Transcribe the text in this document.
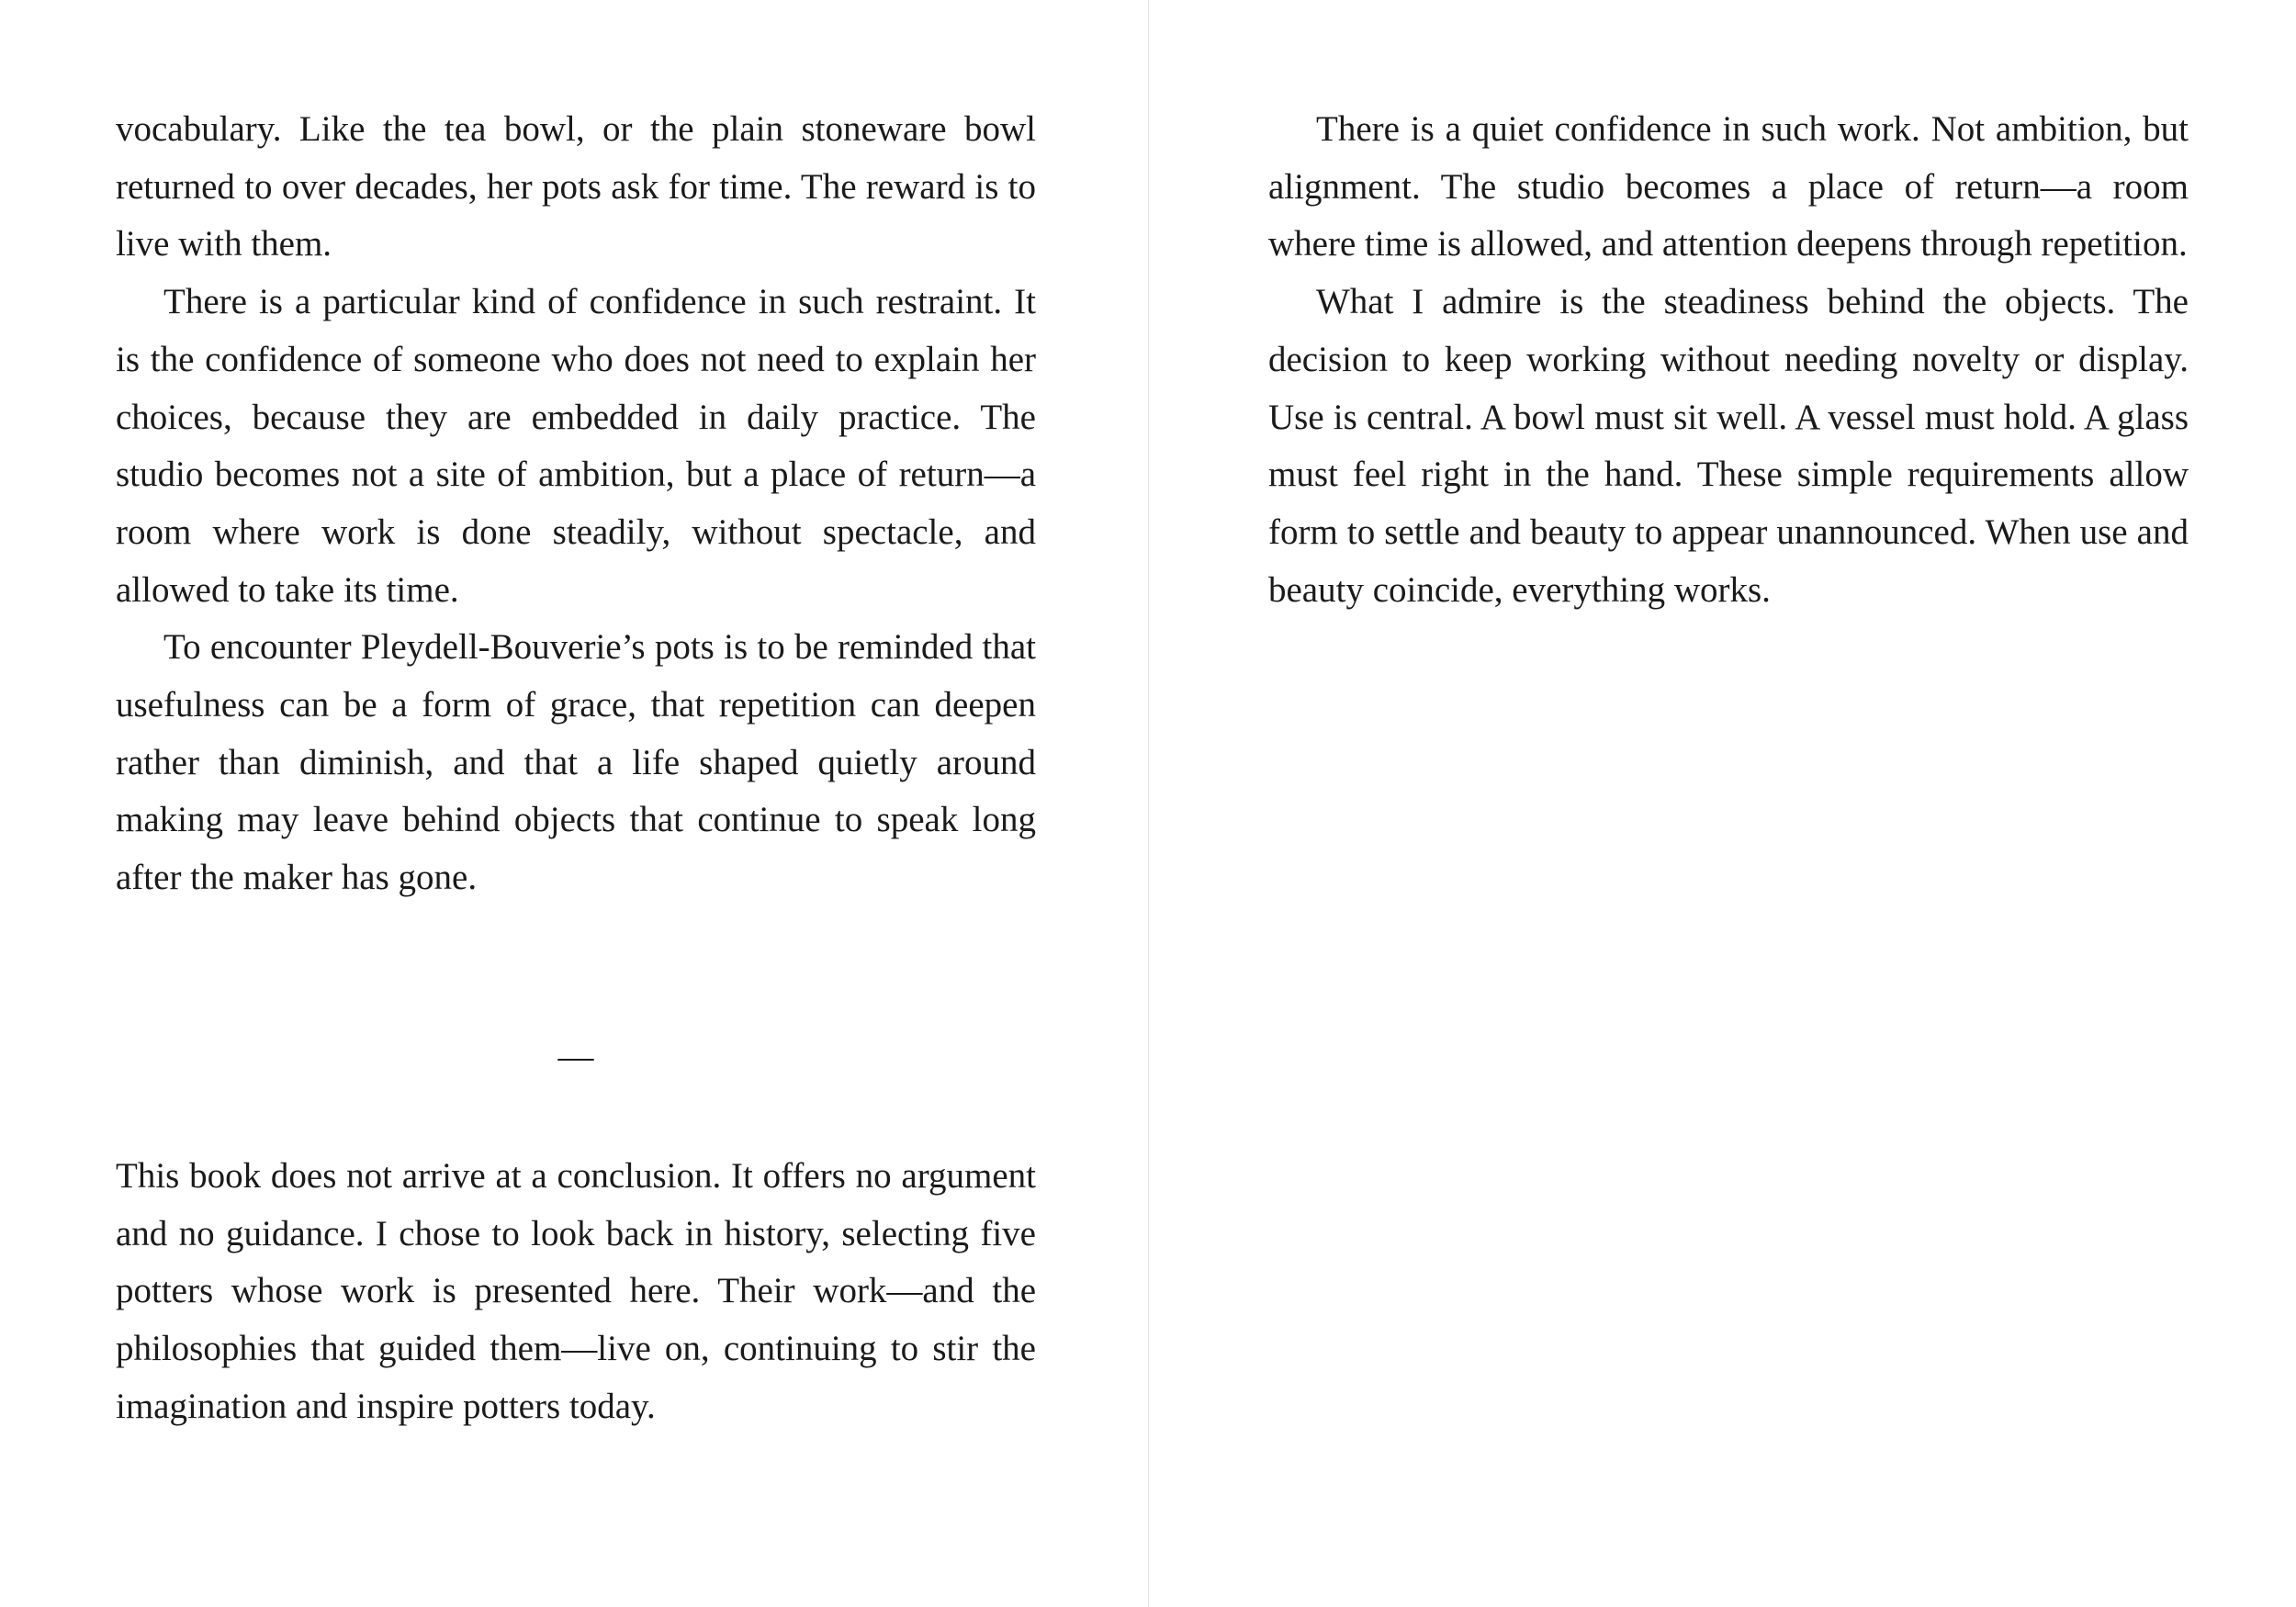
vocabulary. Like the tea bowl, or the plain stoneware bowl returned to over decades, her pots ask for time. The reward is to live with them.

There is a particular kind of confidence in such restraint. It is the confidence of someone who does not need to explain her choices, because they are embedded in daily practice. The studio becomes not a site of ambition, but a place of return—a room where work is done steadily, without spectacle, and allowed to take its time.

To encounter Pleydell-Bouverie’s pots is to be reminded that usefulness can be a form of grace, that repetition can deepen rather than diminish, and that a life shaped quietly around making may leave behind objects that continue to speak long after the maker has gone.

—

This book does not arrive at a conclusion. It offers no argument and no guidance. I chose to look back in history, selecting five potters whose work is presented here. Their work—and the philosophies that guided them—live on, continuing to stir the imagination and inspire potters today.

There is a quiet confidence in such work. Not ambition, but alignment. The studio becomes a place of return—a room where time is allowed, and attention deepens through repetition.

What I admire is the steadiness behind the objects. The decision to keep working without needing novelty or display. Use is central. A bowl must sit well. A vessel must hold. A glass must feel right in the hand. These simple requirements allow form to settle and beauty to appear unannounced. When use and beauty coincide, everything works.
